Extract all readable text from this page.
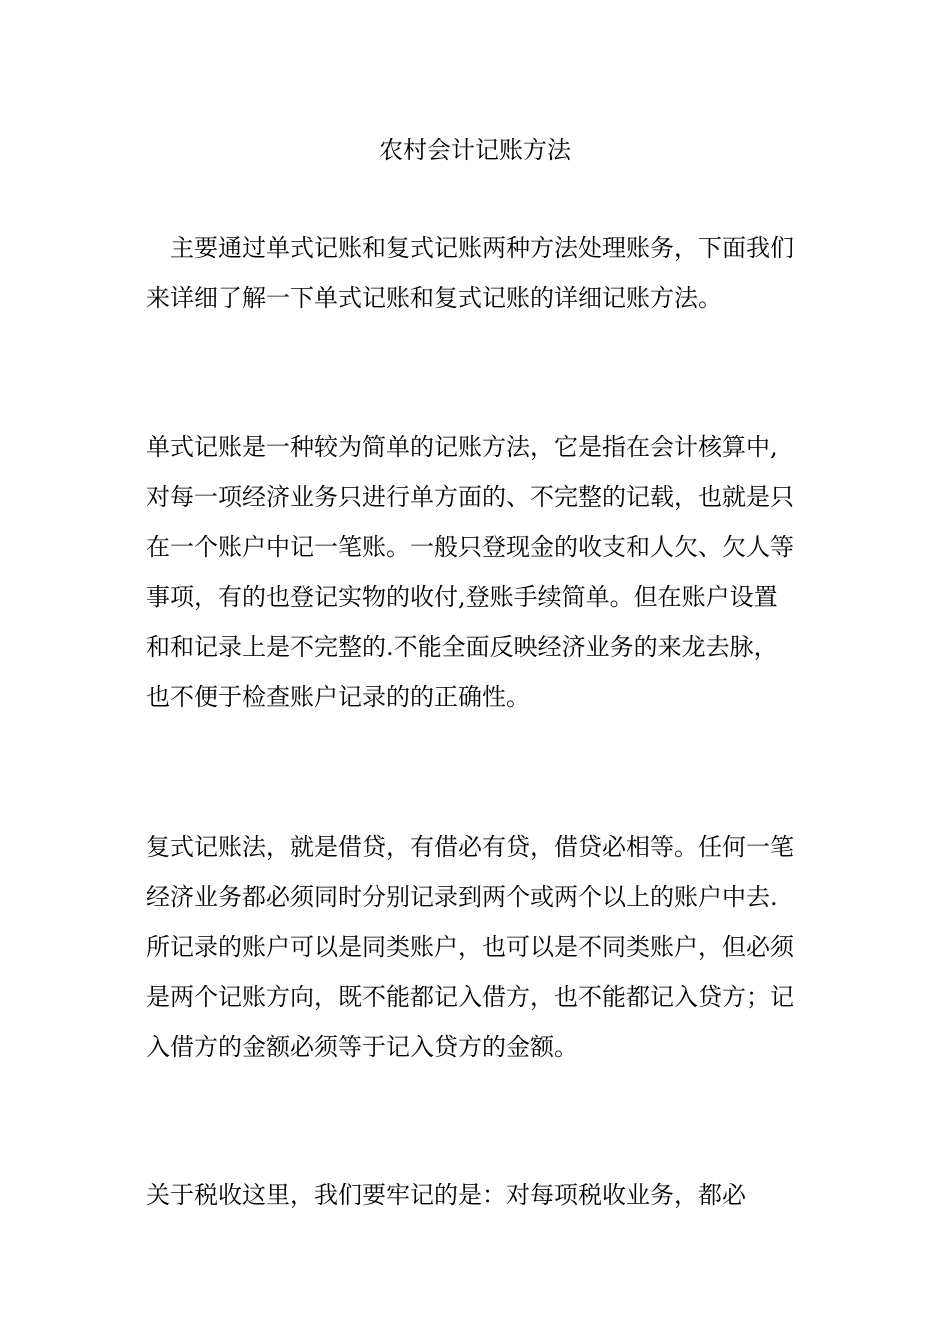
农村会计记账方法

主要通过单式记账和复式记账两种方法处理账务，下面我们来详细了解一下单式记账和复式记账的详细记账方法。

单式记账是一种较为简单的记账方法，它是指在会计核算中,对每一项经济业务只进行单方面的、不完整的记载，也就是只在一个账户中记一笔账。一般只登现金的收支和人欠、欠人等事项，有的也登记实物的收付,登账手续简单。但在账户设置和和记录上是不完整的.不能全面反映经济业务的来龙去脉，也不便于检查账户记录的的正确性。

复式记账法，就是借贷，有借必有贷，借贷必相等。任何一笔经济业务都必须同时分别记录到两个或两个以上的账户中去.所记录的账户可以是同类账户，也可以是不同类账户，但必须是两个记账方向，既不能都记入借方，也不能都记入贷方；记入借方的金额必须等于记入贷方的金额。

关于税收这里，我们要牢记的是：对每项税收业务，都必
